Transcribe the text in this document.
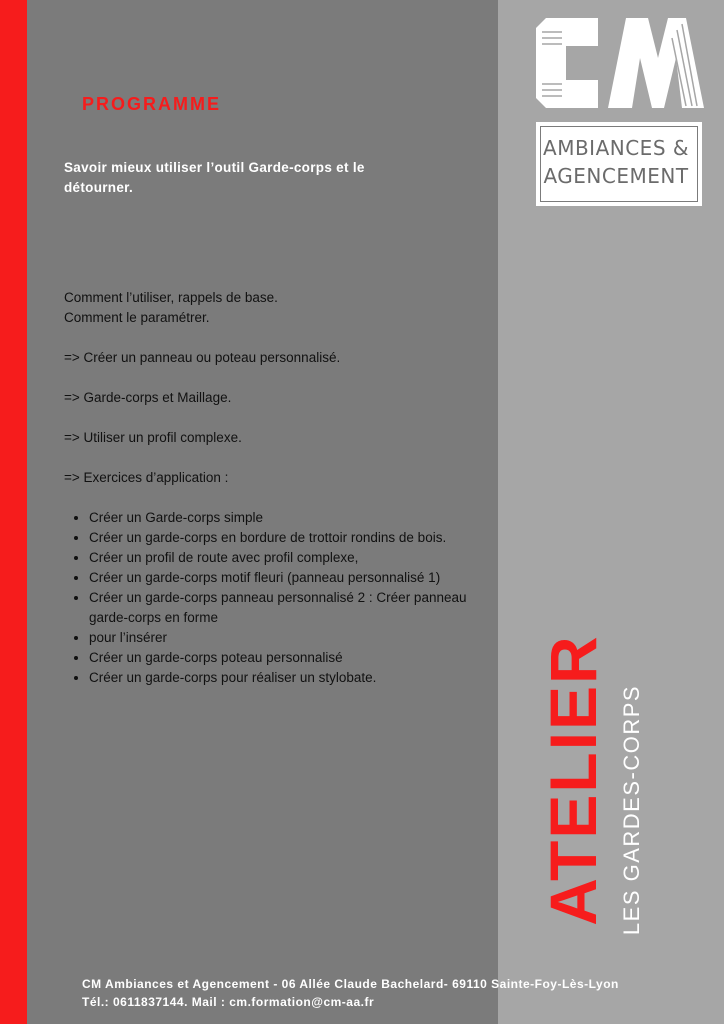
AMBIANCES &
AGENCEMENT
PROGRAMME
Savoir mieux utiliser l’outil Garde-corps et le détourner.

Comment l’utiliser, rappels de base.

Comment le paramétrer.

=> Créer un panneau ou poteau personnalisé.

=> Garde-corps et Maillage.

=> Utiliser un profil complexe.

=> Exercices d’application :

• Créer un Garde-corps simple
• Créer un garde-corps en bordure de trottoir rondins de bois.
• Créer un profil de route avec profil complexe,
• Créer un garde-corps motif fleuri (panneau personnalisé 1)
• Créer un garde-corps panneau personnalisé 2 : Créer panneau garde-corps en forme
• pour l’insérer
• Créer un garde-corps poteau personnalisé
• Créer un garde-corps pour réaliser un stylobate.	ATELIER LES GARDES-CORPS
CM Ambiances et Agencement - 06 Allée Claude Bachelard- 69110 Sainte-Foy-Lès-Lyon
Tél.: 0611837144. Mail : cm.formation@cm-aa.fr
